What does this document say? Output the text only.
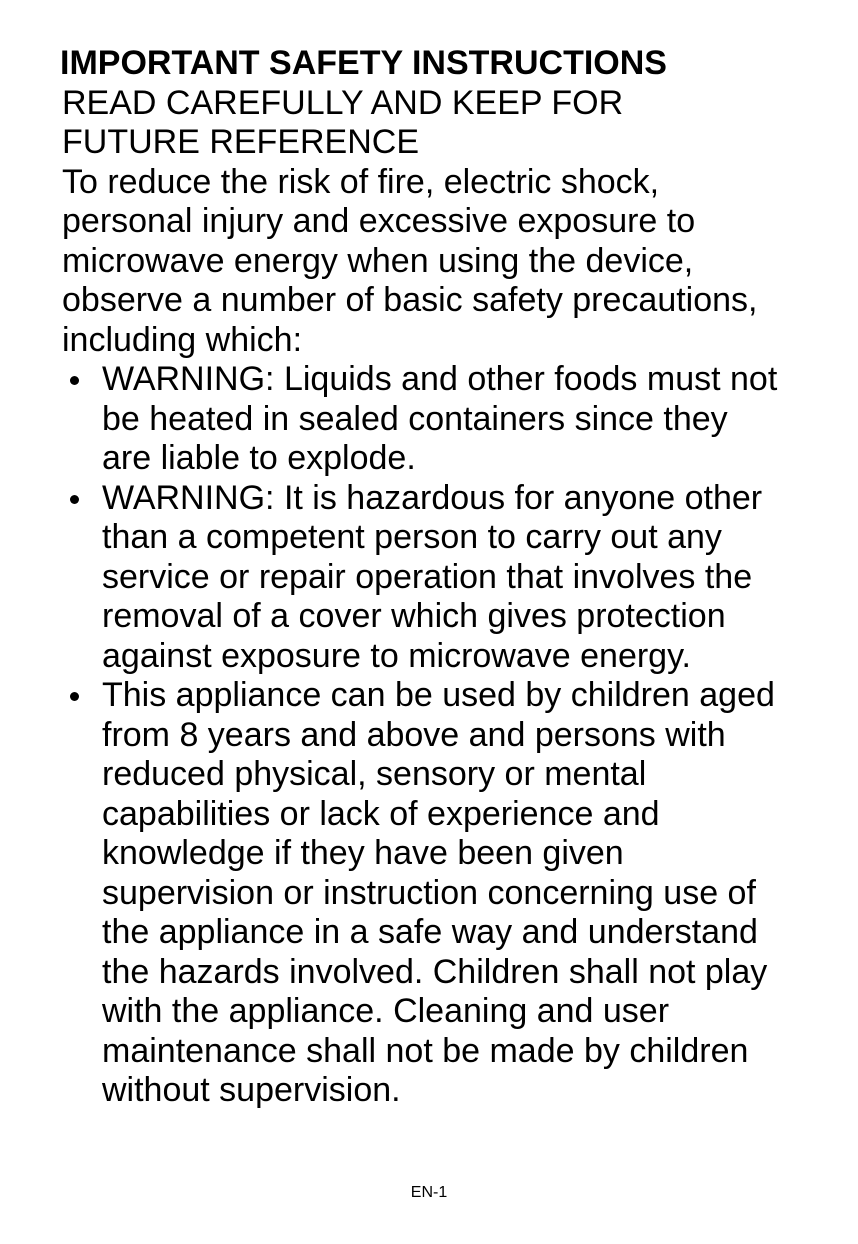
IMPORTANT SAFETY INSTRUCTIONS

READ CAREFULLY AND KEEP FOR FUTURE REFERENCE

To reduce the risk of fire, electric shock, personal injury and excessive exposure to microwave energy when using the device, observe a number of basic safety precautions, including which:

WARNING: Liquids and other foods must not be heated in sealed containers since they are liable to explode.
WARNING: It is hazardous for anyone other than a competent person to carry out any service or repair operation that involves the removal of a cover which gives protection against exposure to microwave energy.
This appliance can be used by children aged from 8 years and above and persons with reduced physical, sensory or mental capabilities or lack of experience and knowledge if they have been given supervision or instruction concerning use of the appliance in a safe way and understand the hazards involved. Children shall not play with the appliance. Cleaning and user maintenance shall not be made by children without supervision.
EN-1
